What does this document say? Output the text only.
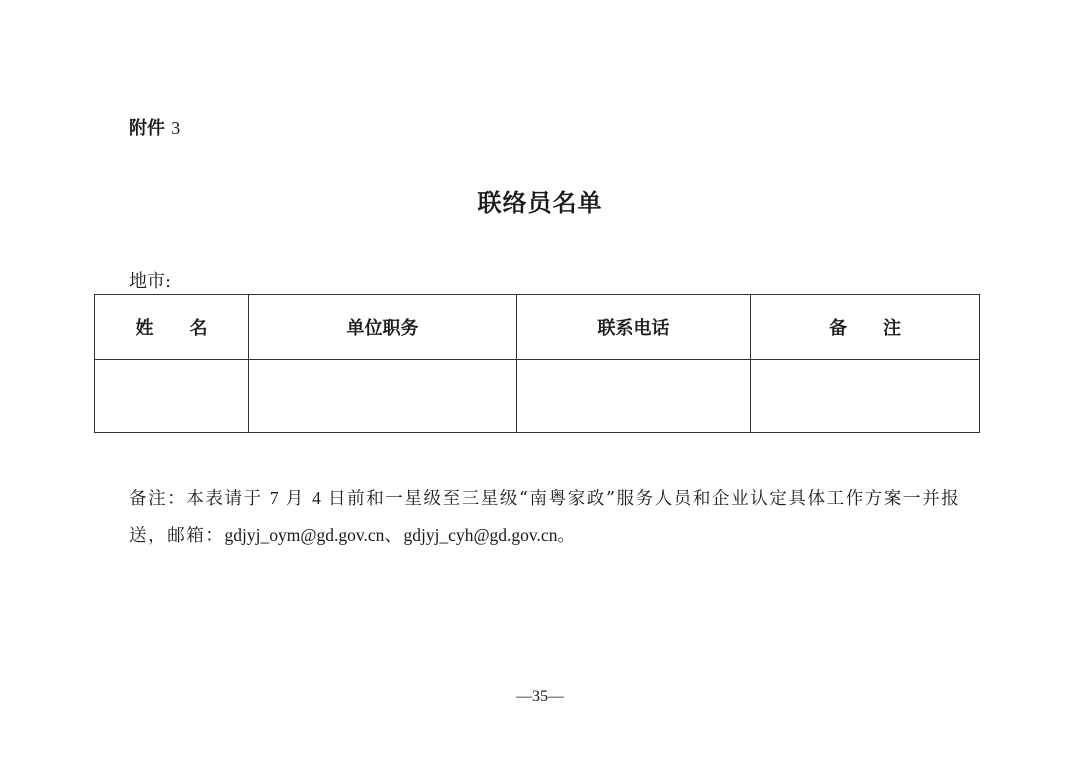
附件 3
联络员名单
地市:
姓　　名	单位职务	联系电话	备　　注

备注：本表请于 7 月 4 日前和一星级至三星级“南粤家政”服务人员和企业认定具体工作方案一并报送，邮箱：gdjyj_oym@gd.gov.cn、gdjyj_cyh@gd.gov.cn。
—35—
